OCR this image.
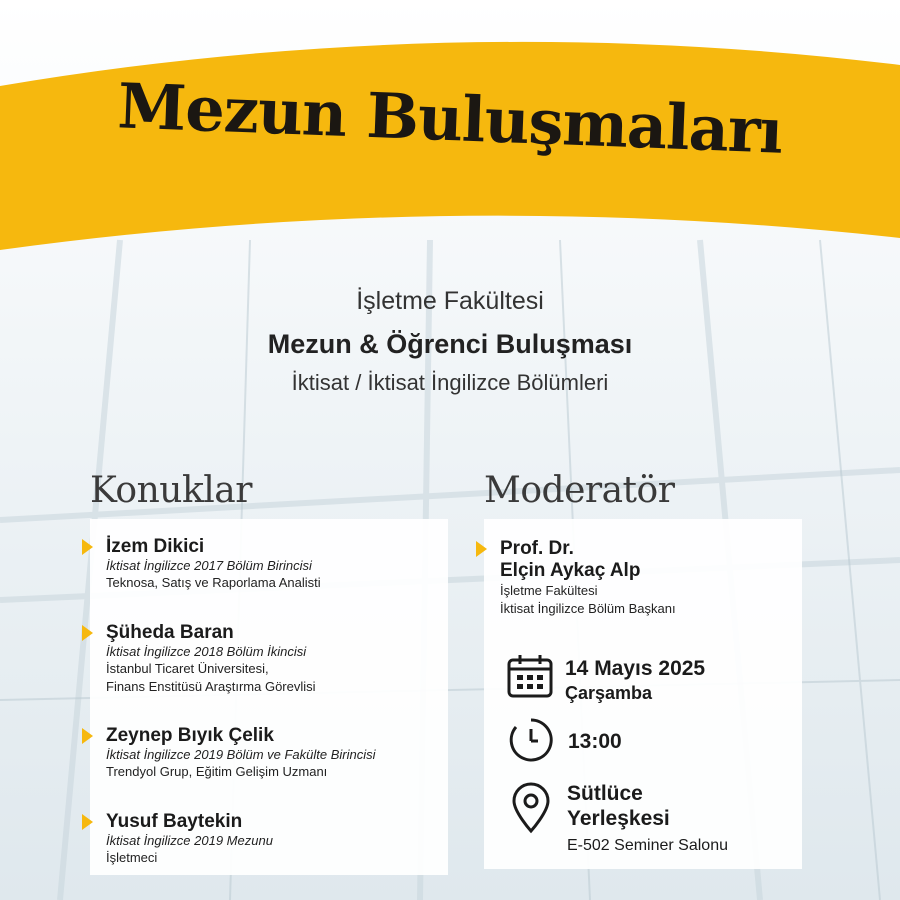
Mezun Buluşmaları
İşletme Fakültesi
Mezun & Öğrenci Buluşması
İktisat / İktisat İngilizce Bölümleri
Konuklar
İzem Dikici
İktisat İngilizce 2017 Bölüm Birincisi
Teknosa, Satış ve Raporlama Analisti
Şüheda Baran
İktisat İngilizce 2018 Bölüm İkincisi
İstanbul Ticaret Üniversitesi,
Finans Enstitüsü Araştırma Görevlisi
Zeynep Bıyık Çelik
İktisat İngilizce 2019 Bölüm ve Fakülte Birincisi
Trendyol Grup, Eğitim Gelişim Uzmanı
Yusuf Baytekin
İktisat İngilizce 2019 Mezunu
İşletmeci
Moderatör
Prof. Dr.
Elçin Aykaç Alp
İşletme Fakültesi
İktisat İngilizce Bölüm Başkanı
14 Mayıs 2025
Çarşamba
13:00
Sütlüce
Yerleşkesi
E-502 Seminer Salonu
